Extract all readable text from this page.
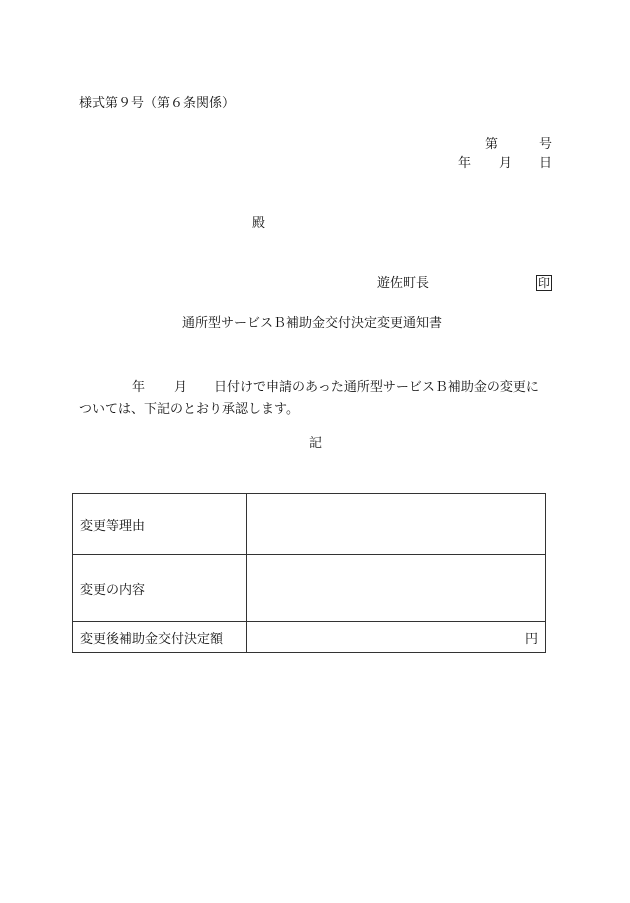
様式第９号（第６条関係）
第	号
年 月 日
殿
遊佐町長	印
通所型サービスＢ補助金交付決定変更通知書
年 月 日付けで申請のあった通所型サービスＢ補助金の変更に
ついては、下記のとおり承認します。
記
変更等理由	
変更の内容	
変更後補助金交付決定額	円
